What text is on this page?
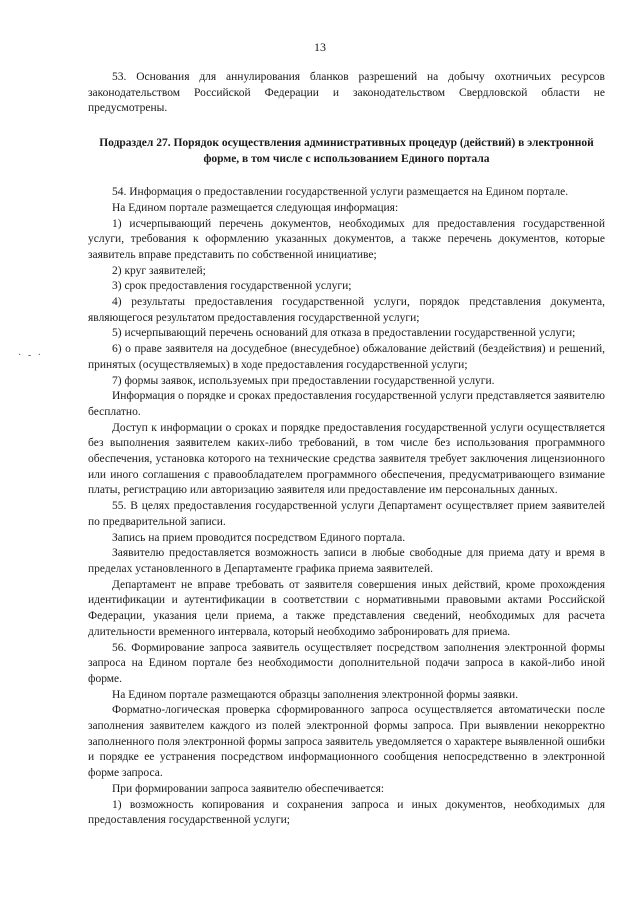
13
· - ·

53. Основания для аннулирования бланков разрешений на добычу охотничьих ресурсов законодательством Российской Федерации и законодательством Свердловской области не предусмотрены.

Подраздел 27. Порядок осуществления административных процедур (действий) в электронной форме, в том числе с использованием Единого портала

54. Информация о предоставлении государственной услуги размещается на Едином портале.

На Едином портале размещается следующая информация:

1) исчерпывающий перечень документов, необходимых для предоставления государственной услуги, требования к оформлению указанных документов, а также перечень документов, которые заявитель вправе представить по собственной инициативе;

2) круг заявителей;

3) срок предоставления государственной услуги;

4) результаты предоставления государственной услуги, порядок представления документа, являющегося результатом предоставления государственной услуги;

5) исчерпывающий перечень оснований для отказа в предоставлении государственной услуги;

6) о праве заявителя на досудебное (внесудебное) обжалование действий (бездействия) и решений, принятых (осуществляемых) в ходе предоставления государственной услуги;

7) формы заявок, используемых при предоставлении государственной услуги.

Информация о порядке и сроках предоставления государственной услуги представляется заявителю бесплатно.

Доступ к информации о сроках и порядке предоставления государственной услуги осуществляется без выполнения заявителем каких-либо требований, в том числе без использования программного обеспечения, установка которого на технические средства заявителя требует заключения лицензионного или иного соглашения с правообладателем программного обеспечения, предусматривающего взимание платы, регистрацию или авторизацию заявителя или предоставление им персональных данных.

55. В целях предоставления государственной услуги Департамент осуществляет прием заявителей по предварительной записи.

Запись на прием проводится посредством Единого портала.

Заявителю предоставляется возможность записи в любые свободные для приема дату и время в пределах установленного в Департаменте графика приема заявителей.

Департамент не вправе требовать от заявителя совершения иных действий, кроме прохождения идентификации и аутентификации в соответствии с нормативными правовыми актами Российской Федерации, указания цели приема, а также представления сведений, необходимых для расчета длительности временного интервала, который необходимо забронировать для приема.

56. Формирование запроса заявитель осуществляет посредством заполнения электронной формы запроса на Едином портале без необходимости дополнительной подачи запроса в какой-либо иной форме.

На Едином портале размещаются образцы заполнения электронной формы заявки.

Форматно-логическая проверка сформированного запроса осуществляется автоматически после заполнения заявителем каждого из полей электронной формы запроса. При выявлении некорректно заполненного поля электронной формы запроса заявитель уведомляется о характере выявленной ошибки и порядке ее устранения посредством информационного сообщения непосредственно в электронной форме запроса.

При формировании запроса заявителю обеспечивается:

1) возможность копирования и сохранения запроса и иных документов, необходимых для предоставления государственной услуги;
